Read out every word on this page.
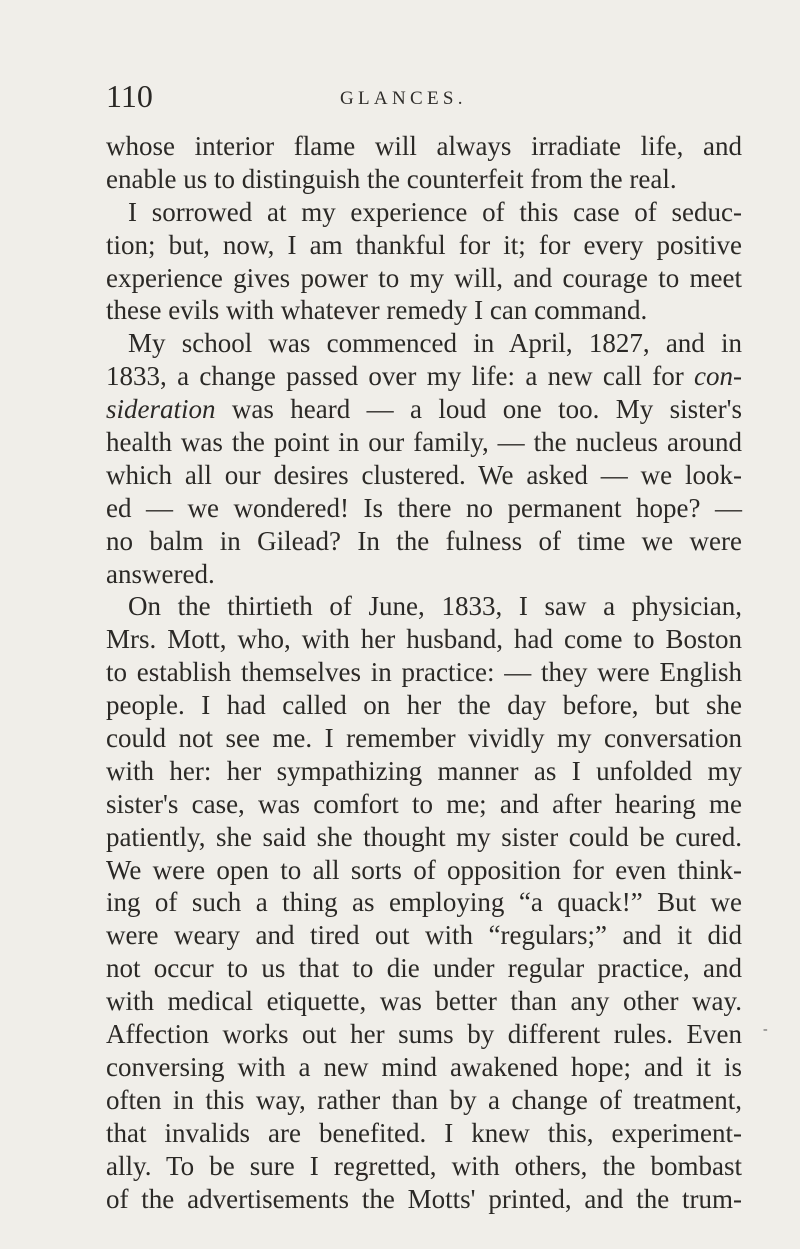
110	GLANCES.
whose interior flame will always irradiate life, and
enable us to distinguish the counterfeit from the real.
I sorrowed at my experience of this case of seduc-
tion; but, now, I am thankful for it; for every positive
experience gives power to my will, and courage to meet
these evils with whatever remedy I can command.
My school was commenced in April, 1827, and in
1833, a change passed over my life: a new call for con-
sideration was heard — a loud one too. My sister's
health was the point in our family, — the nucleus around
which all our desires clustered. We asked — we look-
ed — we wondered! Is there no permanent hope? —
no balm in Gilead? In the fulness of time we were
answered.
On the thirtieth of June, 1833, I saw a physician,
Mrs. Mott, who, with her husband, had come to Boston
to establish themselves in practice: — they were English
people. I had called on her the day before, but she
could not see me. I remember vividly my conversation
with her: her sympathizing manner as I unfolded my
sister's case, was comfort to me; and after hearing me
patiently, she said she thought my sister could be cured.
We were open to all sorts of opposition for even think-
ing of such a thing as employing “a quack!” But we
were weary and tired out with “regulars;” and it did
not occur to us that to die under regular practice, and
with medical etiquette, was better than any other way.
Affection works out her sums by different rules. Even
conversing with a new mind awakened hope; and it is
often in this way, rather than by a change of treatment,
that invalids are benefited. I knew this, experiment-
ally. To be sure I regretted, with others, the bombast
of the advertisements the Motts' printed, and the trum-
-
